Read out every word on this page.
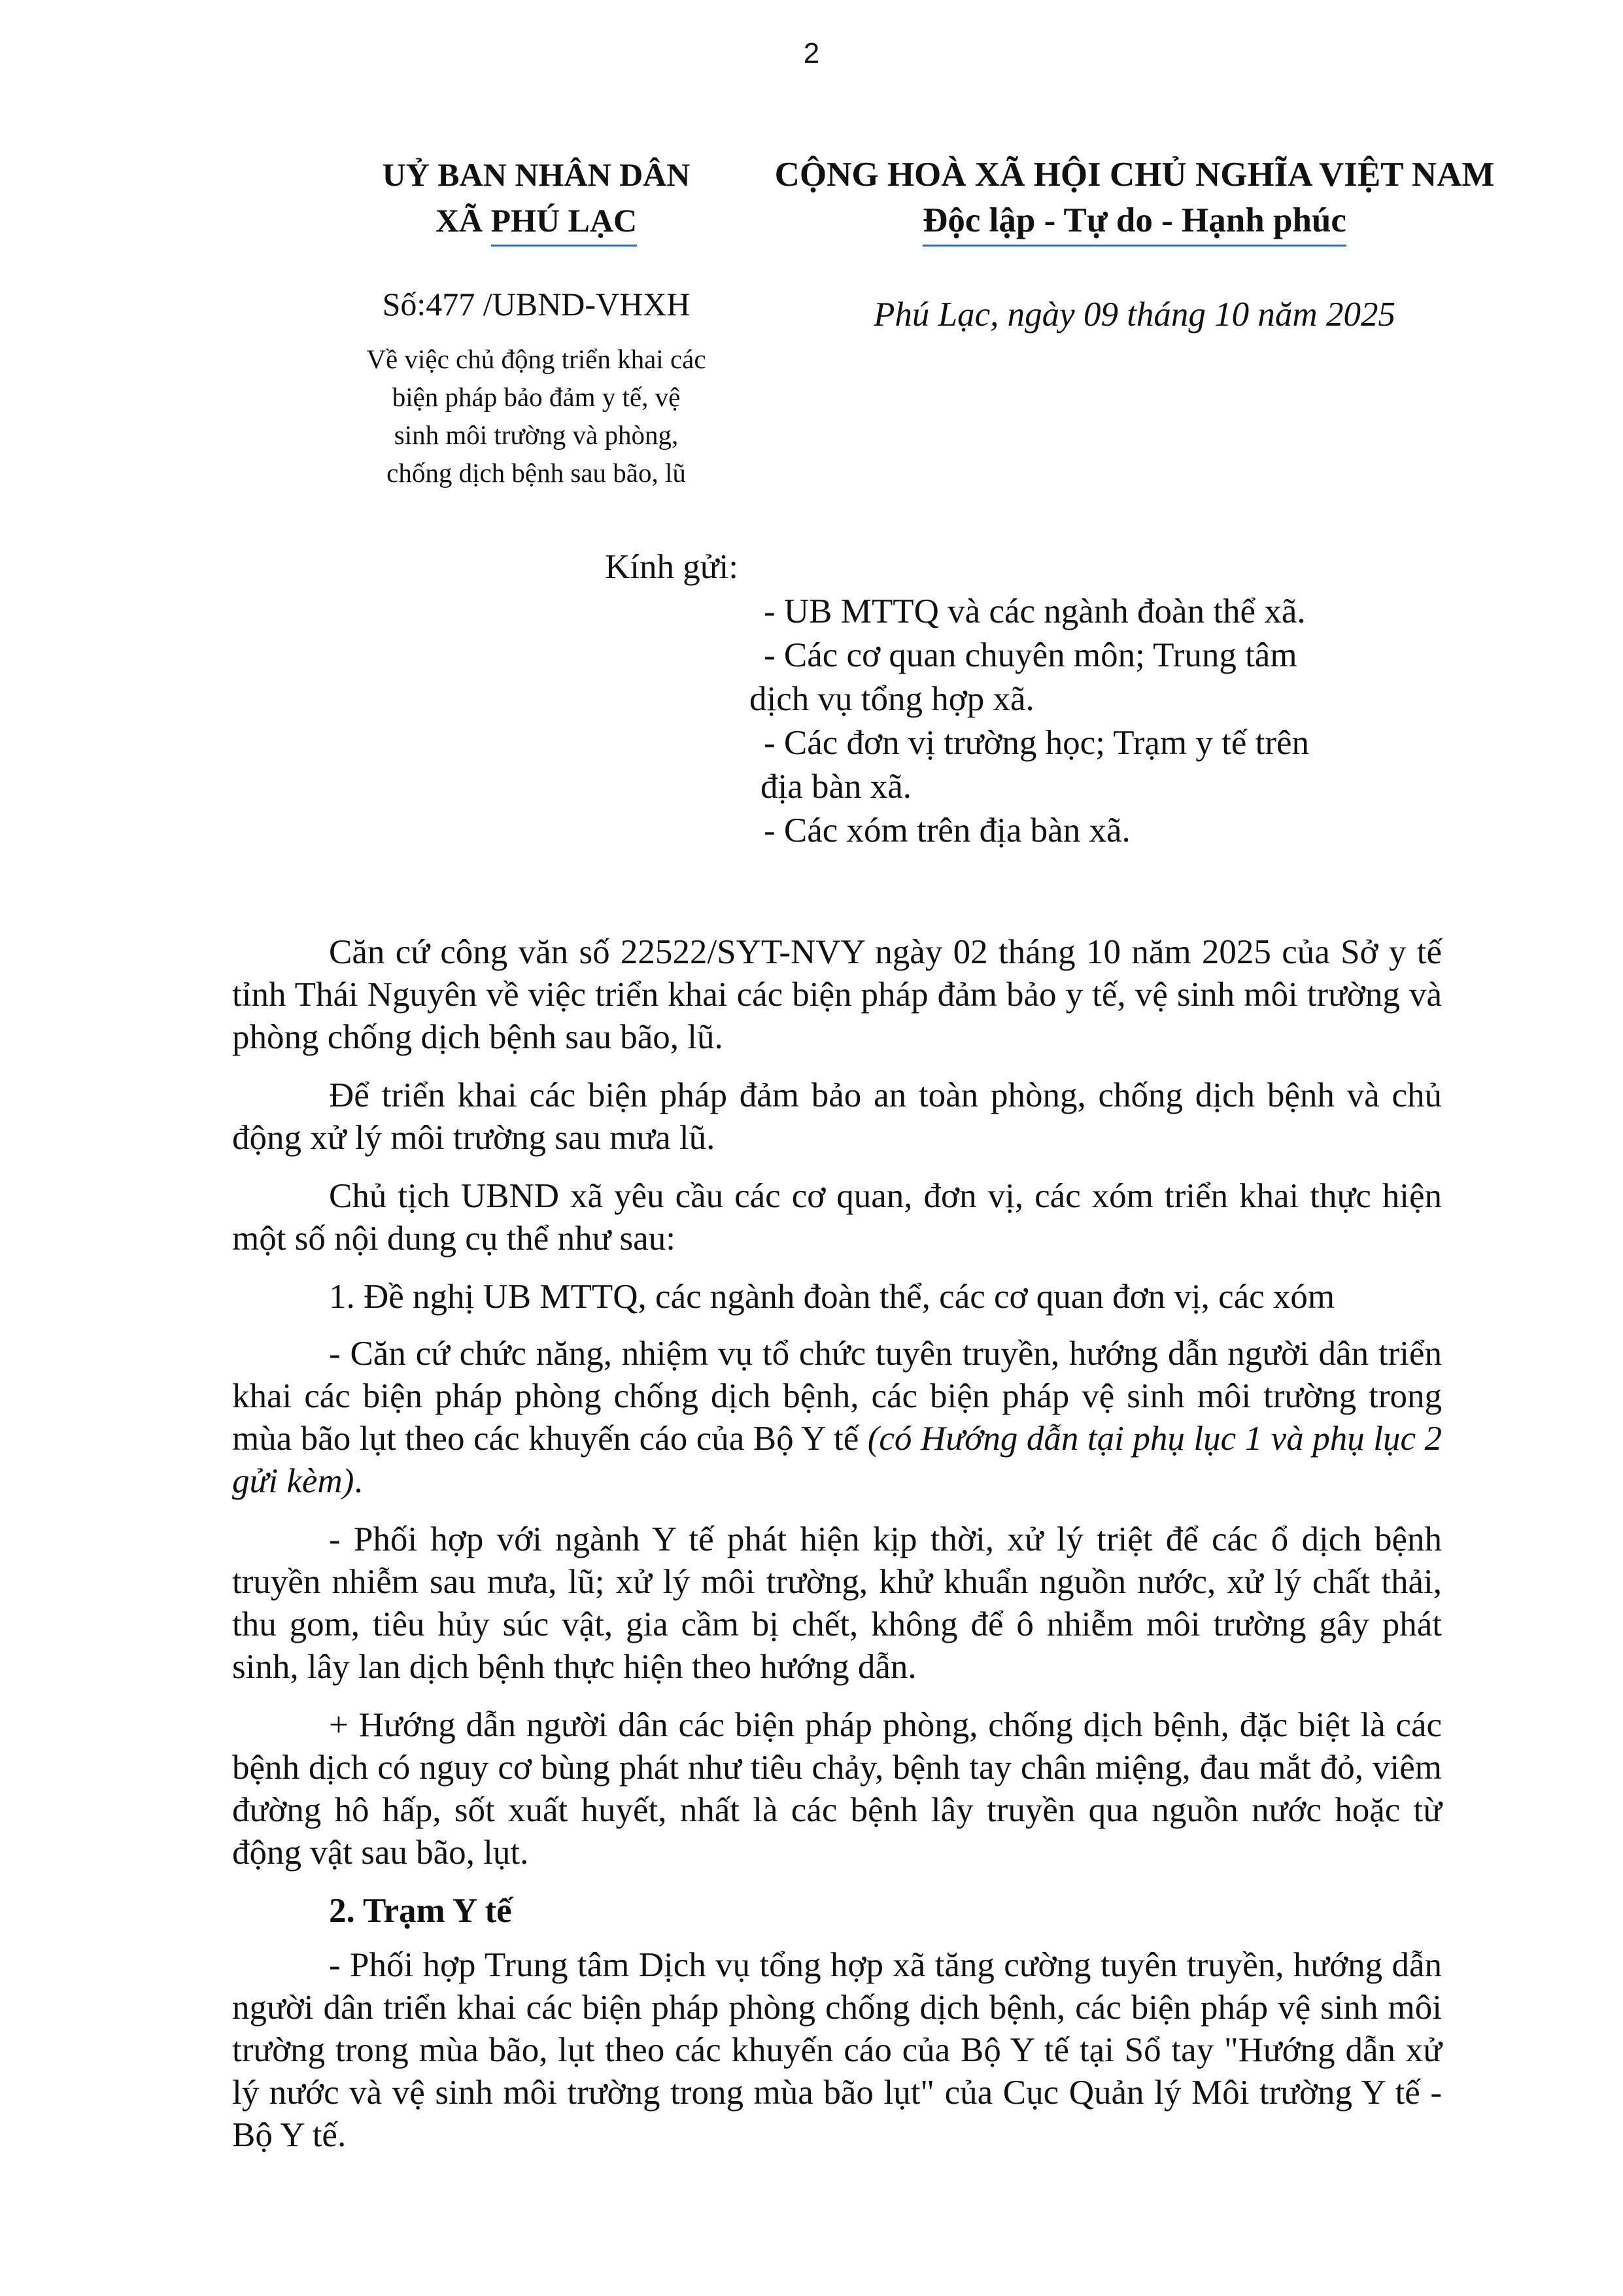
2
UỶ BAN NHÂN DÂN
XÃ PHÚ LẠC
CỘNG HOÀ XÃ HỘI CHỦ NGHĨA VIỆT NAM
Độc lập - Tự do - Hạnh phúc
Số:477 /UBND-VHXH
Về việc chủ động triển khai các
biện pháp bảo đảm y tế, vệ
sinh môi trường và phòng,
chống dịch bệnh sau bão, lũ
Phú Lạc, ngày 09 tháng 10 năm 2025
Kính gửi:
- UB MTTQ và các ngành đoàn thể xã.
- Các cơ quan chuyên môn; Trung tâm
dịch vụ tổng hợp xã.
- Các đơn vị trường học; Trạm y tế trên
địa bàn xã.
- Các xóm trên địa bàn xã.

Căn cứ công văn số 22522/SYT-NVY ngày 02 tháng 10 năm 2025 của Sở y tế tỉnh Thái Nguyên về việc triển khai các biện pháp đảm bảo y tế, vệ sinh môi trường và phòng chống dịch bệnh sau bão, lũ.

Để triển khai các biện pháp đảm bảo an toàn phòng, chống dịch bệnh và chủ động xử lý môi trường sau mưa lũ.

Chủ tịch UBND xã yêu cầu các cơ quan, đơn vị, các xóm triển khai thực hiện một số nội dung cụ thể như sau:

1. Đề nghị UB MTTQ, các ngành đoàn thể, các cơ quan đơn vị, các xóm

- Căn cứ chức năng, nhiệm vụ tổ chức tuyên truyền, hướng dẫn người dân triển khai các biện pháp phòng chống dịch bệnh, các biện pháp vệ sinh môi trường trong mùa bão lụt theo các khuyến cáo của Bộ Y tế (có Hướng dẫn tại phụ lục 1 và phụ lục 2 gửi kèm).

- Phối hợp với ngành Y tế phát hiện kịp thời, xử lý triệt để các ổ dịch bệnh truyền nhiễm sau mưa, lũ; xử lý môi trường, khử khuẩn nguồn nước, xử lý chất thải, thu gom, tiêu hủy súc vật, gia cầm bị chết, không để ô nhiễm môi trường gây phát sinh, lây lan dịch bệnh thực hiện theo hướng dẫn.

+ Hướng dẫn người dân các biện pháp phòng, chống dịch bệnh, đặc biệt là các bệnh dịch có nguy cơ bùng phát như tiêu chảy, bệnh tay chân miệng, đau mắt đỏ, viêm đường hô hấp, sốt xuất huyết, nhất là các bệnh lây truyền qua nguồn nước hoặc từ động vật sau bão, lụt.

2. Trạm Y tế

- Phối hợp Trung tâm Dịch vụ tổng hợp xã tăng cường tuyên truyền, hướng dẫn người dân triển khai các biện pháp phòng chống dịch bệnh, các biện pháp vệ sinh môi trường trong mùa bão, lụt theo các khuyến cáo của Bộ Y tế tại Sổ tay "Hướng dẫn xử lý nước và vệ sinh môi trường trong mùa bão lụt" của Cục Quản lý Môi trường Y tế - Bộ Y tế.
